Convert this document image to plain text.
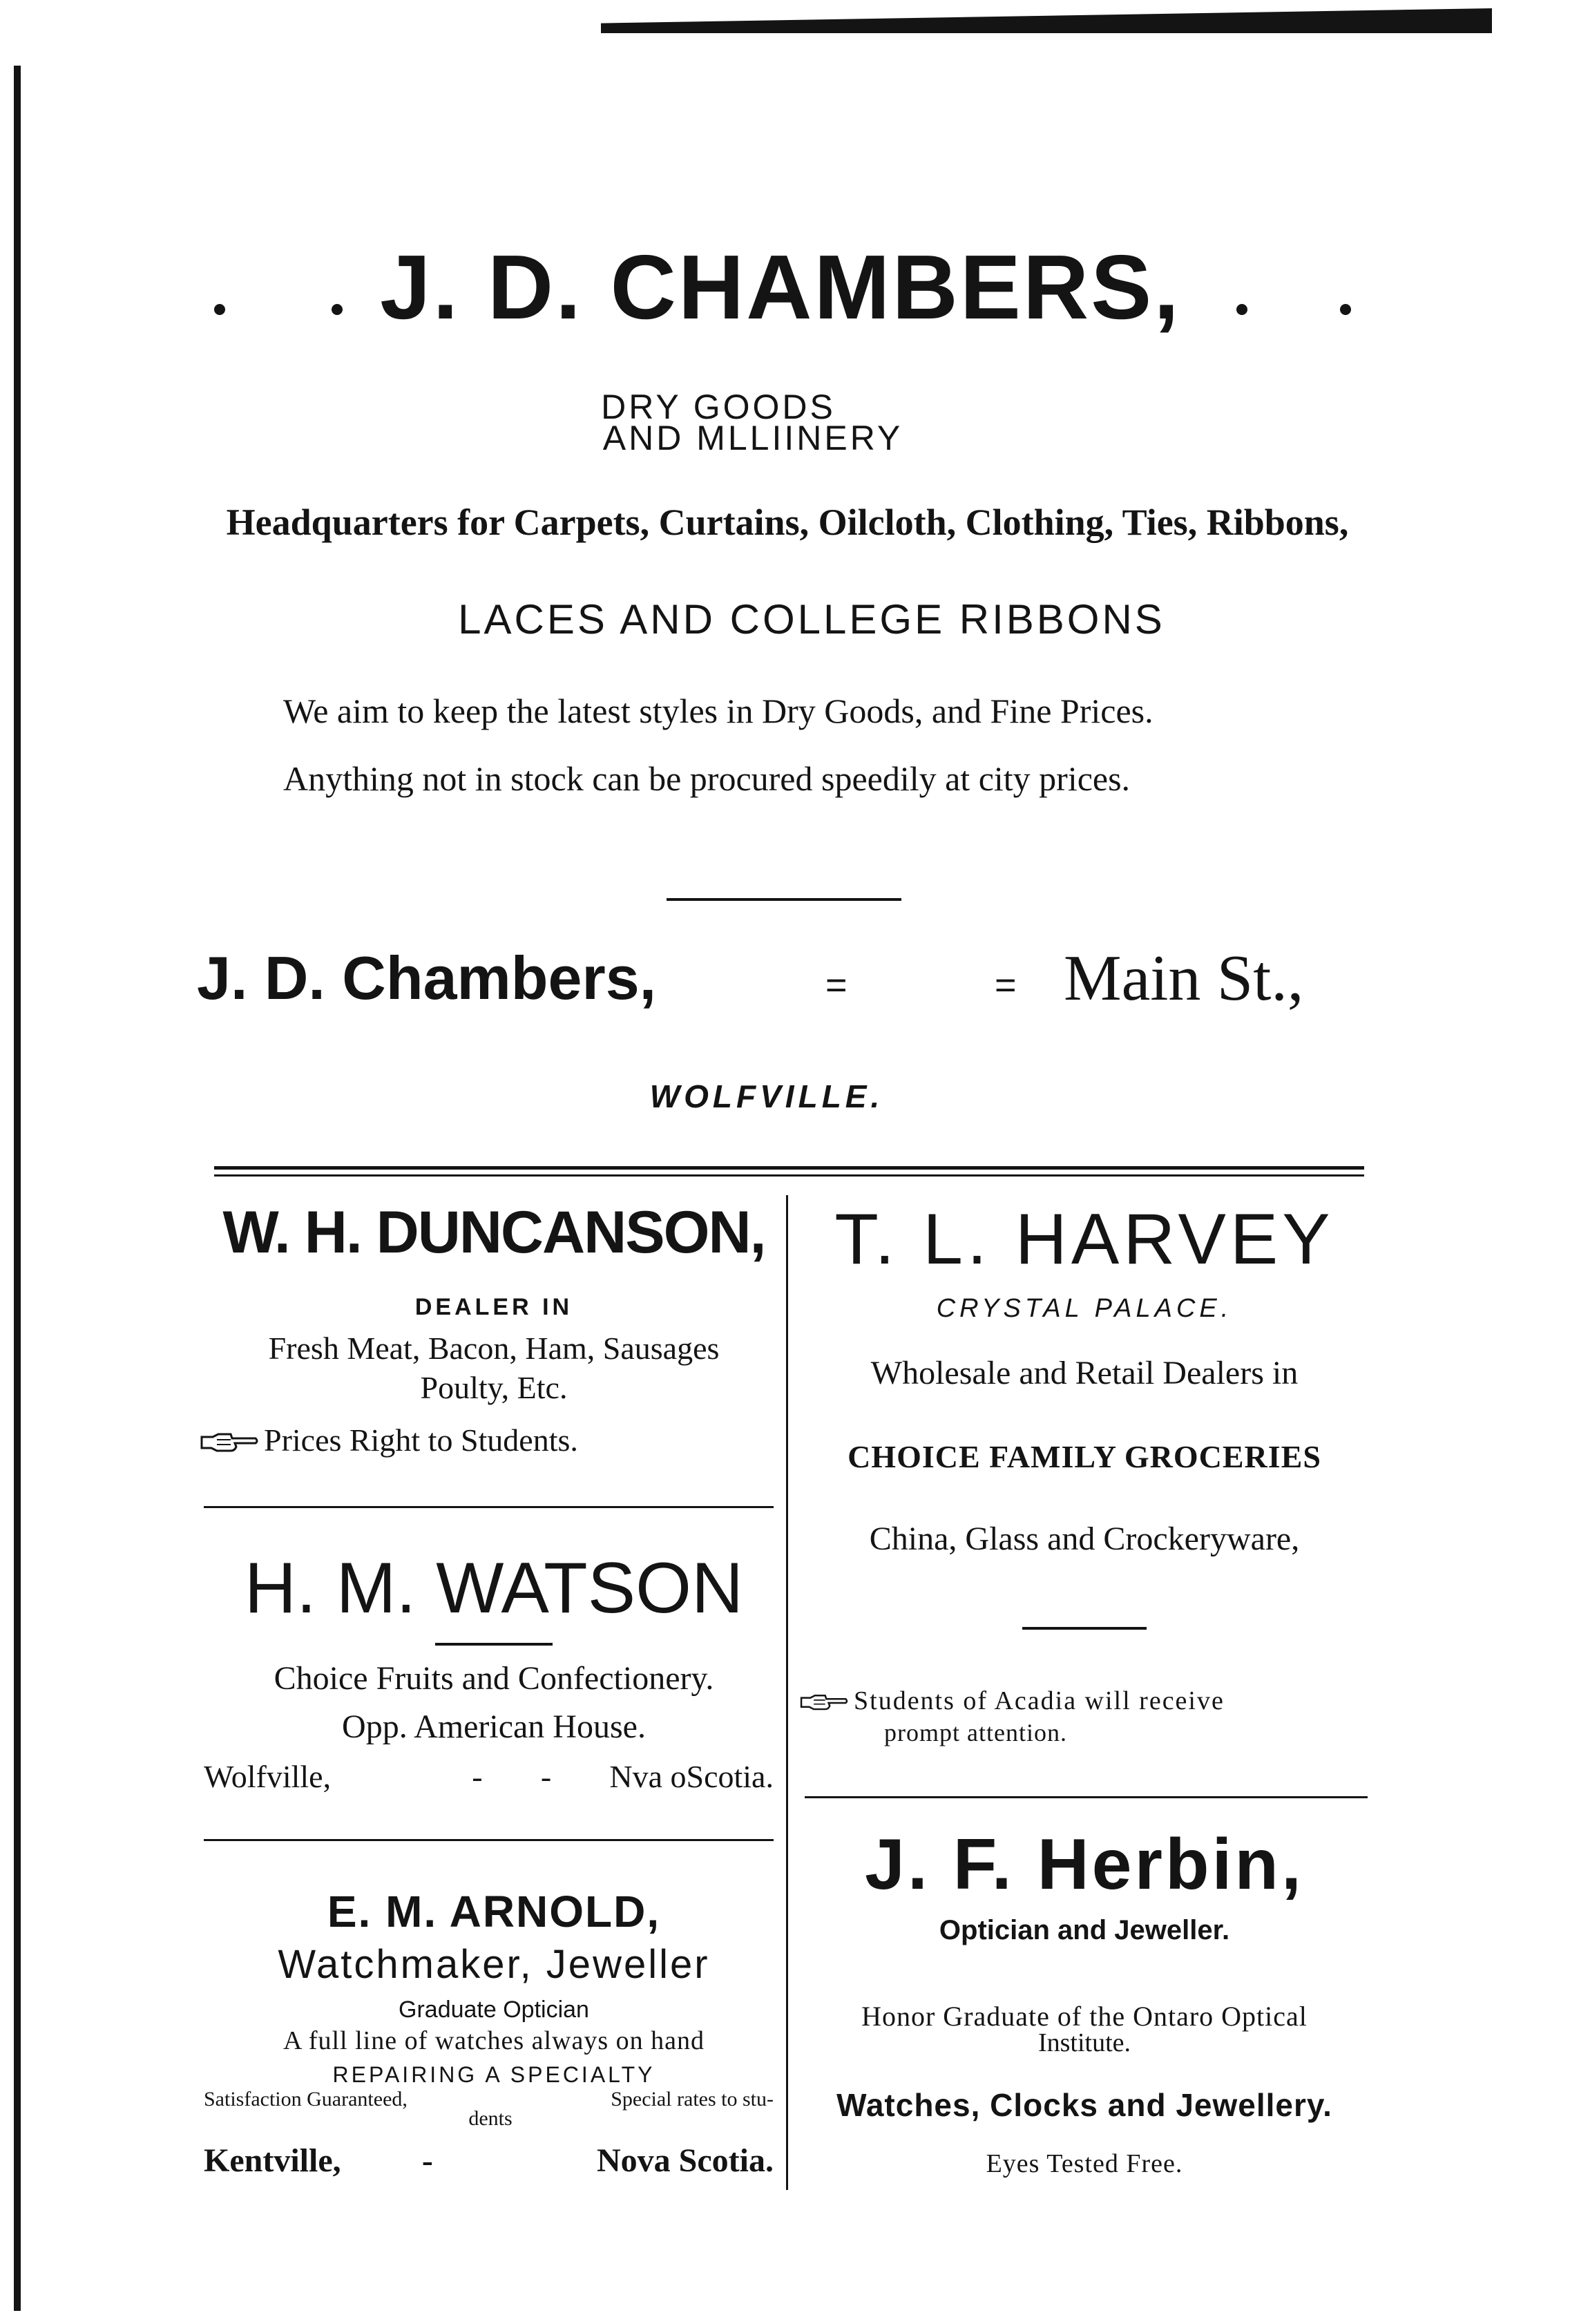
J. D. CHAMBERS,
DRY GOODS
AND MLLIINERY
Headquarters for Carpets, Curtains, Oilcloth, Clothing, Ties, Ribbons,
LACES AND COLLEGE RIBBONS
We aim to keep the latest styles in Dry Goods, and Fine Prices.
Anything not in stock can be procured speedily at city prices.
J. D. Chambers,	=	= Main St.,
WOLFVILLE.
W. H. DUNCANSON,
DEALER IN
Fresh Meat, Bacon, Ham, Sausages
Poulty, Etc.
Prices Right to Students.
H. M. WATSON
Choice Fruits and Confectionery.
Opp. American House.
Wolfville,	- - Nva oScotia.
E. M. ARNOLD,
Watchmaker, Jeweller
Graduate Optician
A full line of watches always on hand
REPAIRING A SPECIALTY
Satisfaction Guaranteed,	Special rates to stu-
dents
Kentville, -	Nova Scotia.
T. L. HARVEY
CRYSTAL PALACE.
Wholesale and Retail Dealers in
CHOICE FAMILY GROCERIES
China, Glass and Crockeryware,
Students of Acadia will receive
prompt attention.
J. F. Herbin,
Optician and Jeweller.
Honor Graduate of the Ontaro Optical
Institute.
Watches, Clocks and Jewellery.
Eyes Tested Free.
